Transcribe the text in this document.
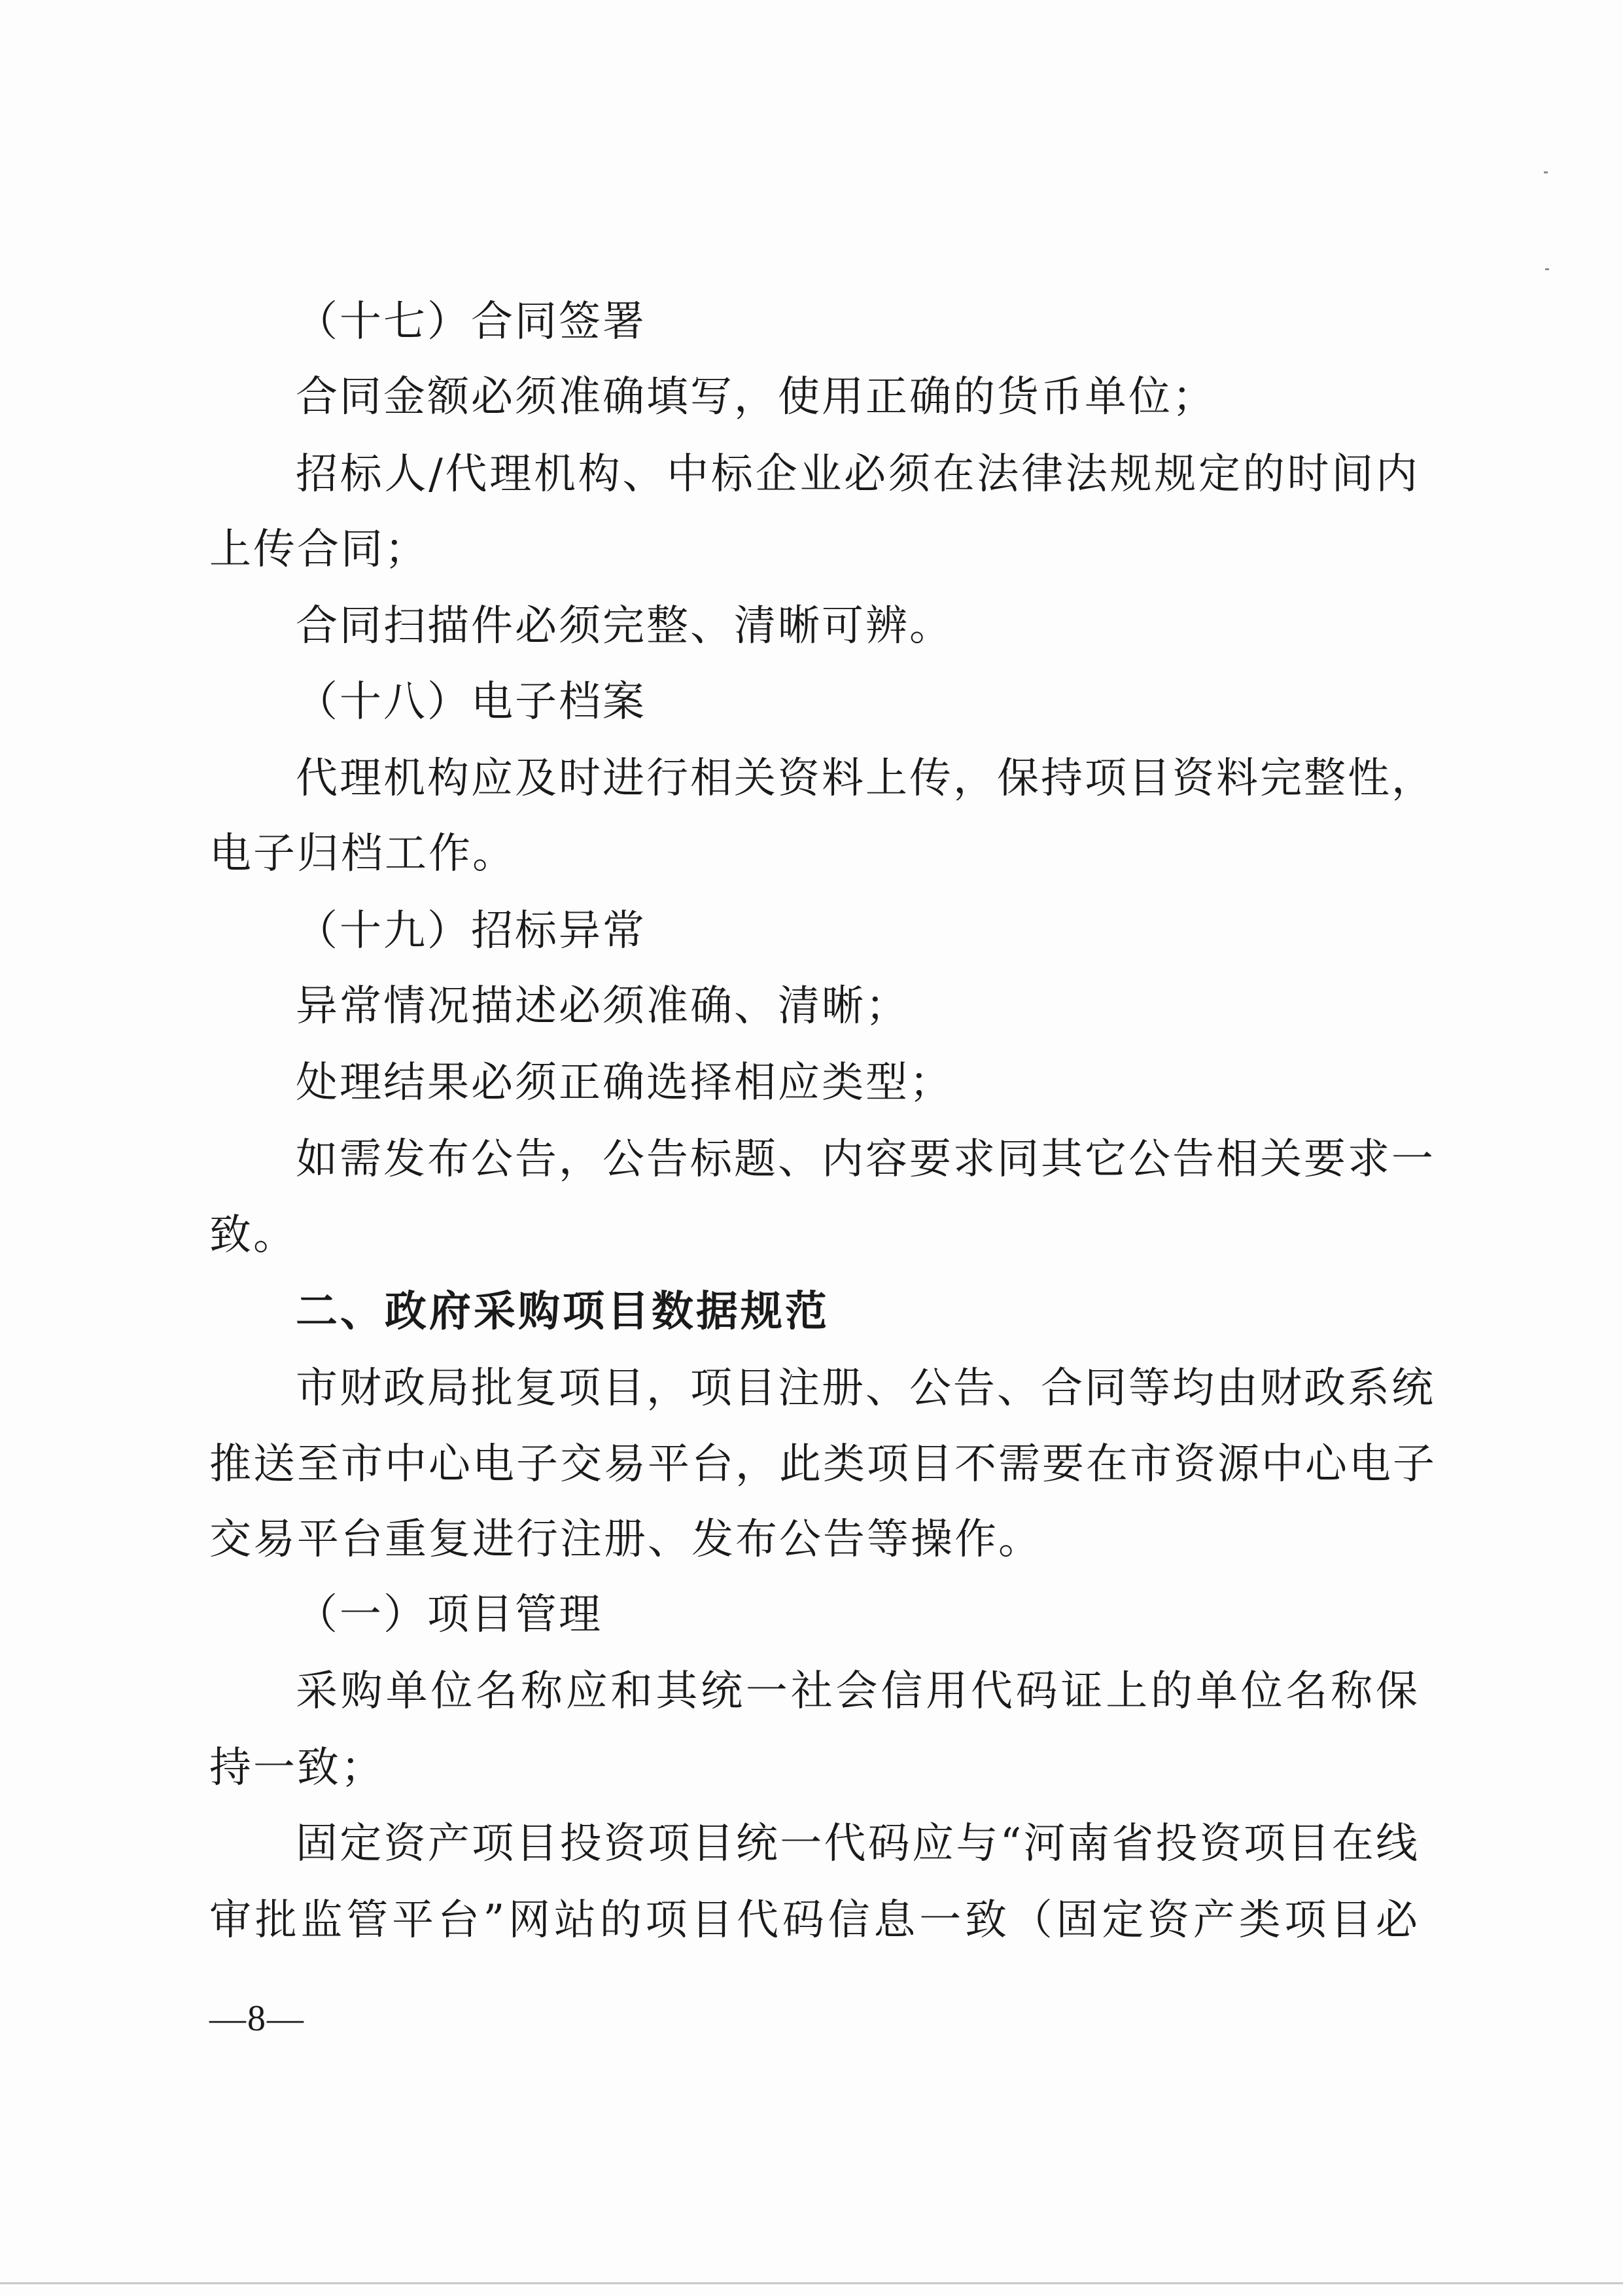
（十七）合同签署
合同金额必须准确填写，使用正确的货币单位；
招标人/代理机构、中标企业必须在法律法规规定的时间内
上传合同；
合同扫描件必须完整、清晰可辨。
（十八）电子档案
代理机构应及时进行相关资料上传，保持项目资料完整性，
电子归档工作。
（十九）招标异常
异常情况描述必须准确、清晰；
处理结果必须正确选择相应类型；
如需发布公告，公告标题、内容要求同其它公告相关要求一
致。
二、政府采购项目数据规范
市财政局批复项目，项目注册、公告、合同等均由财政系统
推送至市中心电子交易平台，此类项目不需要在市资源中心电子
交易平台重复进行注册、发布公告等操作。
（一）项目管理
采购单位名称应和其统一社会信用代码证上的单位名称保
持一致；
固定资产项目投资项目统一代码应与“河南省投资项目在线
审批监管平台”网站的项目代码信息一致（固定资产类项目必
—8—
